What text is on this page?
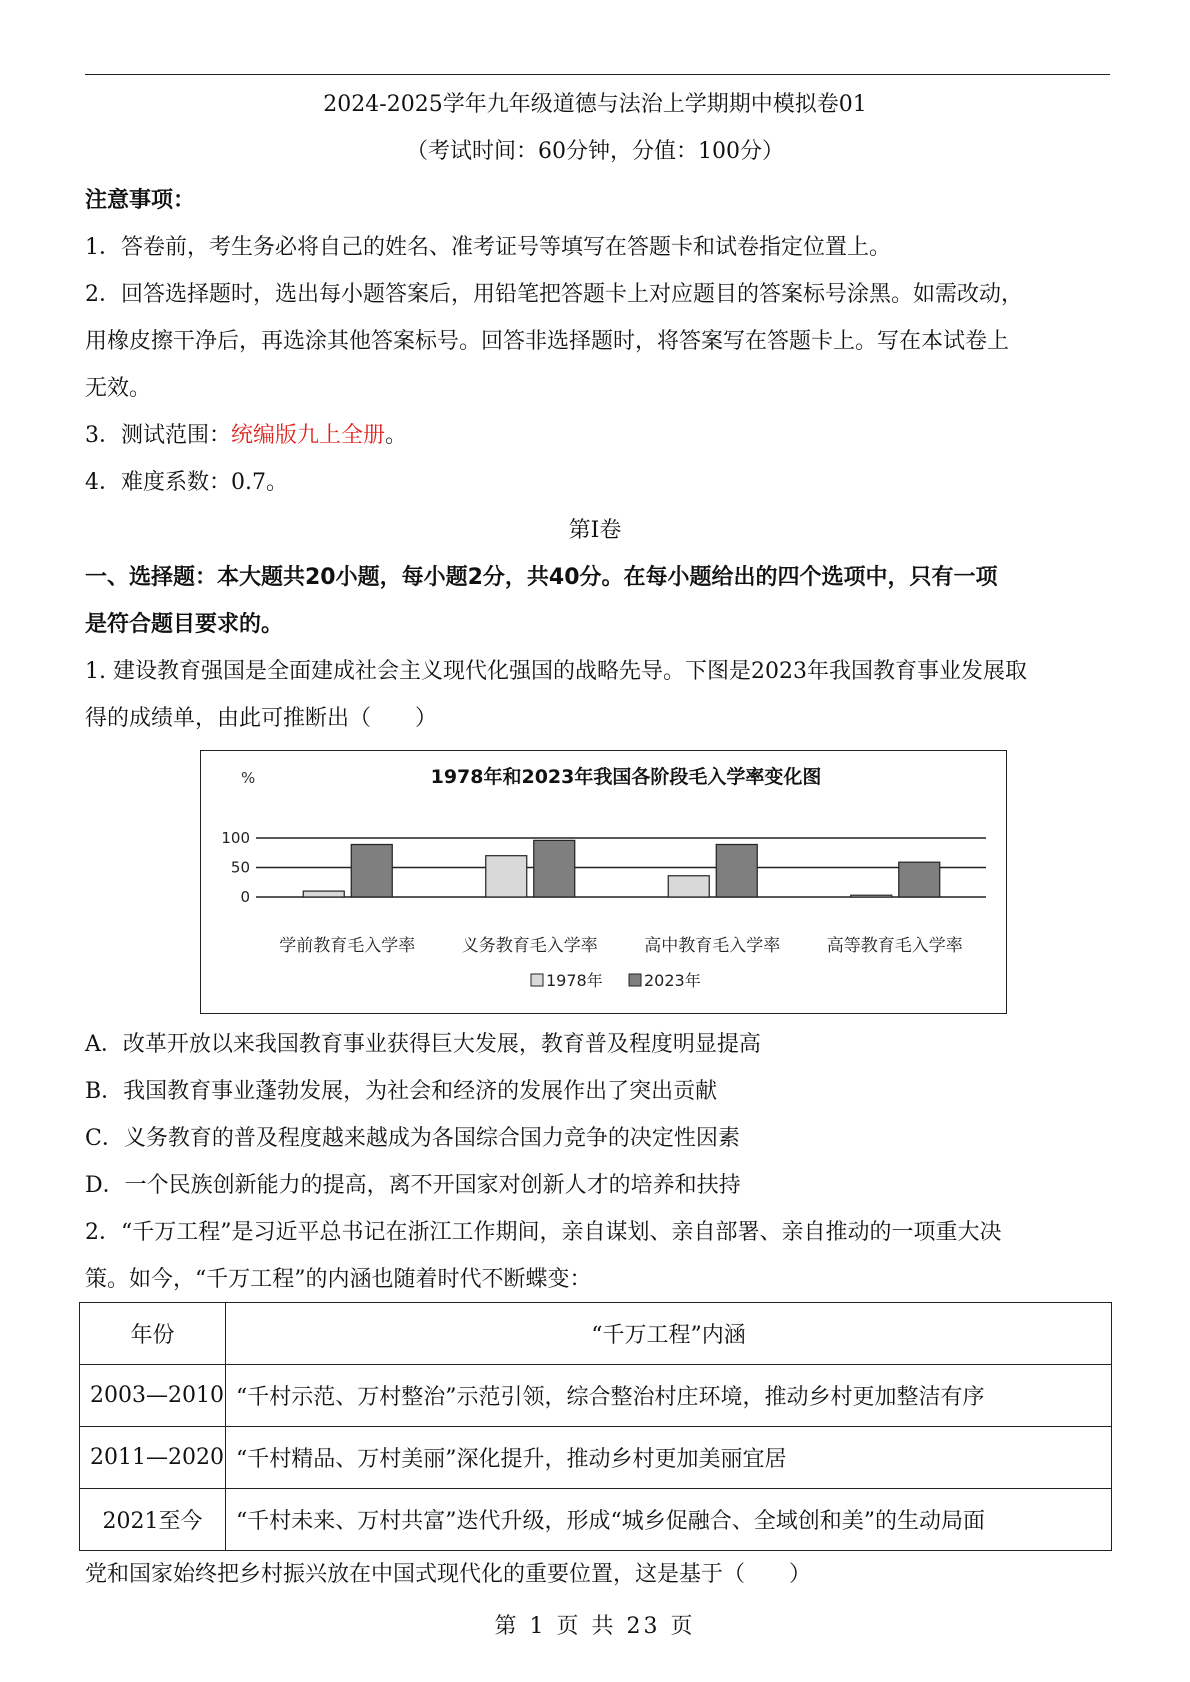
2024-2025学年九年级道德与法治上学期期中模拟卷01
（考试时间：60分钟，分值：100分）
注意事项：
1．答卷前，考生务必将自己的姓名、准考证号等填写在答题卡和试卷指定位置上。
2．回答选择题时，选出每小题答案后，用铅笔把答题卡上对应题目的答案标号涂黑。如需改动，
用橡皮擦干净后，再选涂其他答案标号。回答非选择题时，将答案写在答题卡上。写在本试卷上
无效。
3．测试范围：统编版九上全册。
4．难度系数：0.7。
第Ⅰ卷
一、选择题：本大题共20小题，每小题2分，共40分。在每小题给出的四个选项中，只有一项
是符合题目要求的。
1. 建设教育强国是全面建成社会主义现代化强国的战略先导。下图是2023年我国教育事业发展取
得的成绩单，由此可推断出（　　）
%	1978年和2023年我国各阶段毛入学率变化图
100
50
0
学前教育毛入学率	义务教育毛入学率	高中教育毛入学率	高等教育毛入学率
1978年	2023年
A．改革开放以来我国教育事业获得巨大发展，教育普及程度明显提高
B．我国教育事业蓬勃发展，为社会和经济的发展作出了突出贡献
C．义务教育的普及程度越来越成为各国综合国力竞争的决定性因素
D．一个民族创新能力的提高，离不开国家对创新人才的培养和扶持
2．“千万工程”是习近平总书记在浙江工作期间，亲自谋划、亲自部署、亲自推动的一项重大决
策。如今，“千万工程”的内涵也随着时代不断蝶变：
年份	“千万工程”内涵
2003—2010	“千村示范、万村整治”示范引领，综合整治村庄环境，推动乡村更加整洁有序
2011—2020	“千村精品、万村美丽”深化提升，推动乡村更加美丽宜居
2021至今	“千村未来、万村共富”迭代升级，形成“城乡促融合、全域创和美”的生动局面
党和国家始终把乡村振兴放在中国式现代化的重要位置，这是基于（　　）
第 1 页 共 23 页
